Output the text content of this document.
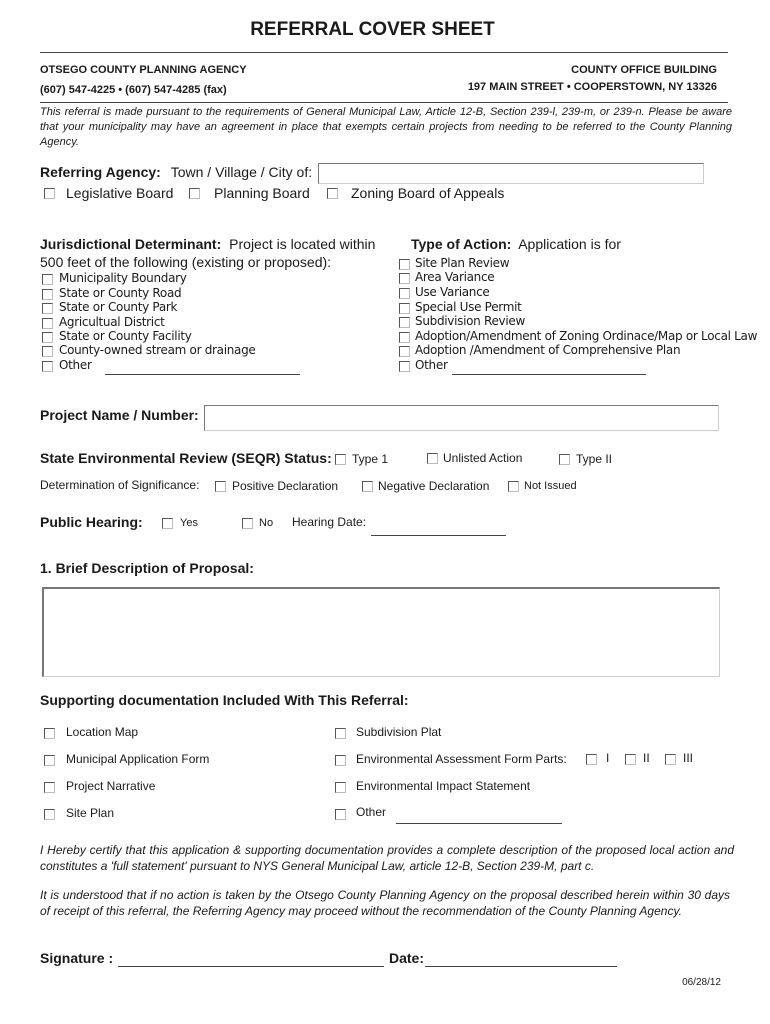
REFERRAL COVER SHEET
OTSEGO COUNTY PLANNING AGENCY
(607) 547-4225 • (607) 547-4285 (fax)
COUNTY OFFICE BUILDING
197 MAIN STREET • COOPERSTOWN, NY 13326
This referral is made pursuant to the requirements of General Municipal Law, Article 12-B, Section 239-l, 239-m, or 239-n. Please be aware that your municipality may have an agreement in place that exempts certain projects from needing to be referred to the County Planning Agency.
Referring Agency: Town / Village / City of:
Legislative Board	Planning Board	Zoning Board of Appeals
Jurisdictional Determinant: Project is located within
500 feet of the following (existing or proposed):
Municipality Boundary
State or County Road
State or County Park
Agricultual District
State or County Facility
County-owned stream or drainage
Other
Type of Action: Application is for
Site Plan Review
Area Variance
Use Variance
Special Use Permit
Subdivision Review
Adoption/Amendment of Zoning Ordinace/Map or Local Law
Adoption /Amendment of Comprehensive Plan
Other
Project Name / Number:
State Environmental Review (SEQR) Status: Type 1	Unlisted Action	Type II
Determination of Significance:	Positive Declaration	Negative Declaration	Not Issued
Public Hearing:	Yes	No Hearing Date:
1. Brief Description of Proposal:
Supporting documentation Included With This Referral:
Location Map
Municipal Application Form
Project Narrative
Site Plan
Subdivision Plat
Environmental Assessment Form Parts:	I	II	III
Environmental Impact Statement
Other
I Hereby certify that this application & supporting documentation provides a complete description of the proposed local action and constitutes a 'full statement' pursuant to NYS General Municipal Law, article 12-B, Section 239-M, part c.
It is understood that if no action is taken by the Otsego County Planning Agency on the proposal described herein within 30 days of receipt of this referral, the Referring Agency may proceed without the recommendation of the County Planning Agency.
Signature :	Date:
06/28/12
